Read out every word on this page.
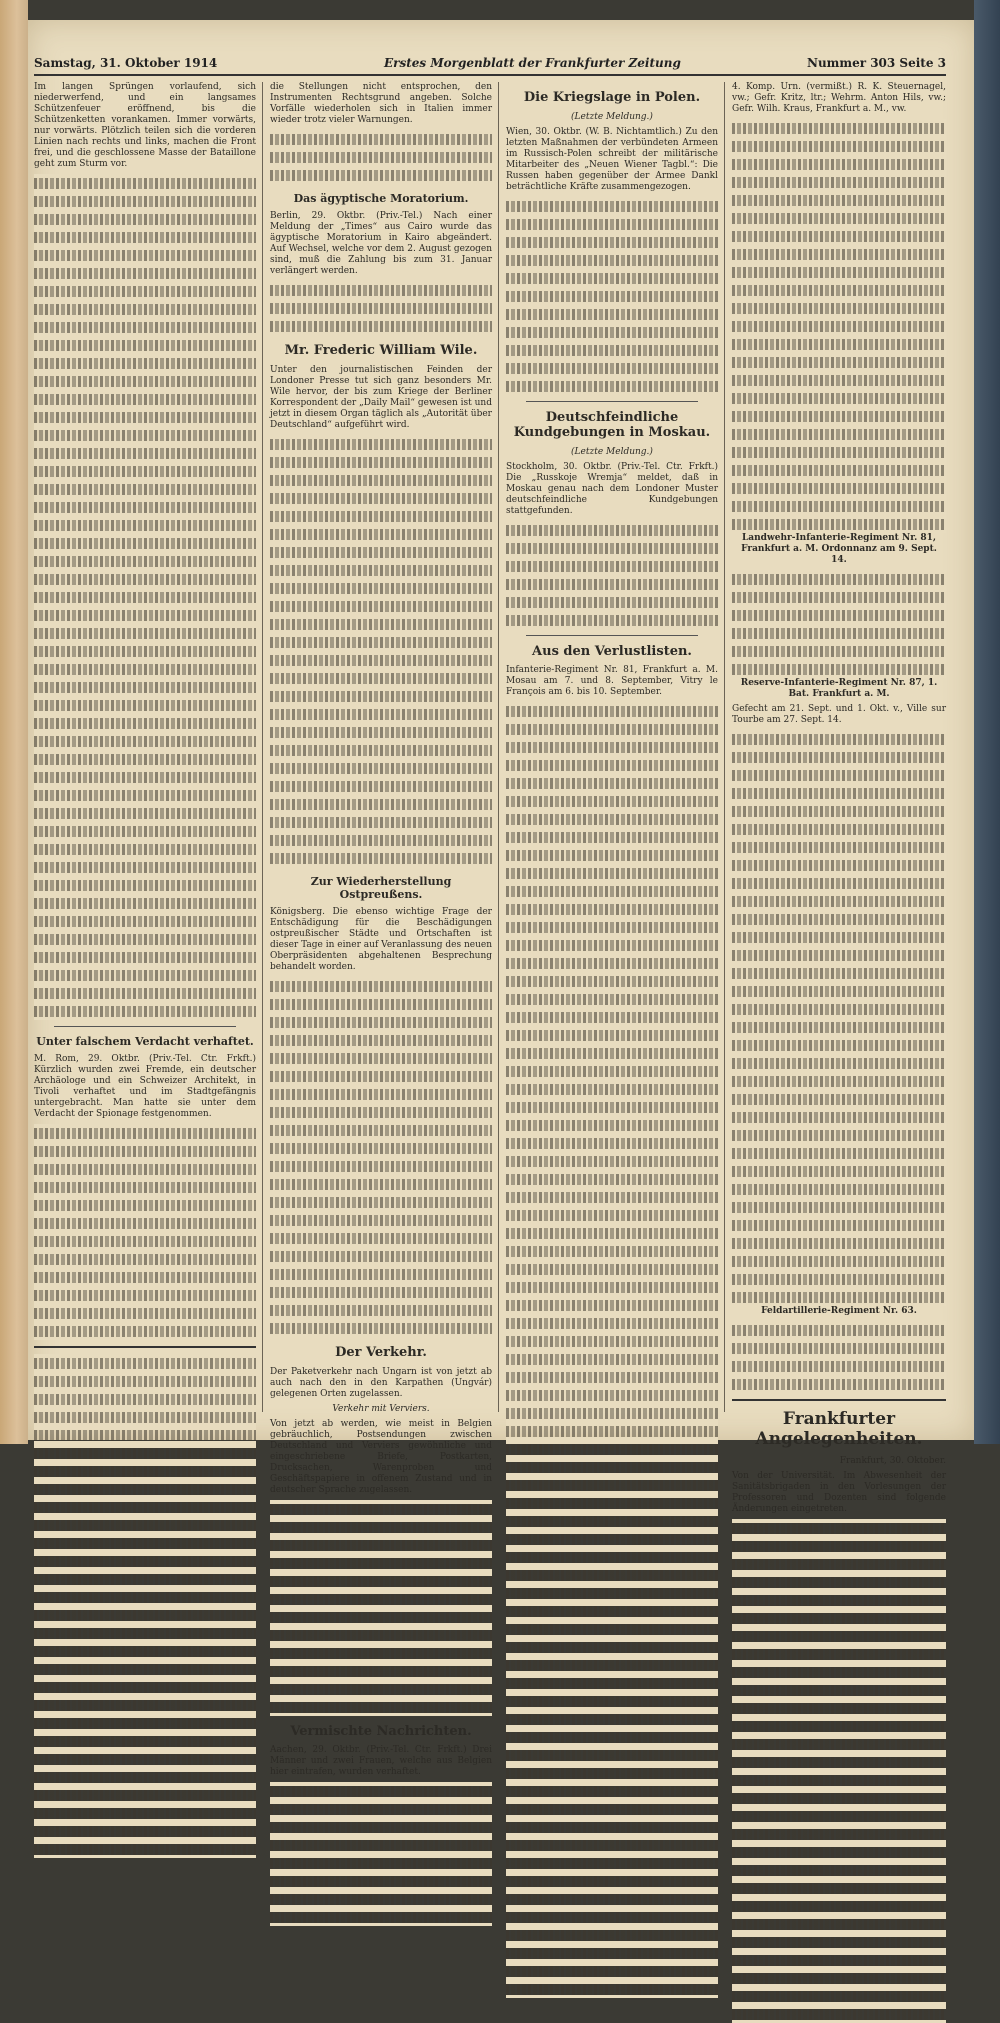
Samstag, 31. Oktober 1914	Erstes Morgenblatt der Frankfurter Zeitung	Nummer 303 Seite 3

Im langen Sprüngen vorlaufend, sich niederwerfend, und ein langsames Schützenfeuer eröffnend, bis die Schützenketten vorankamen. Immer vorwärts, nur vorwärts. Plötzlich teilen sich die vorderen Linien nach rechts und links, machen die Front frei, und die geschlossene Masse der Bataillone geht zum Sturm vor.

Unter falschem Verdacht verhaftet.

M. Rom, 29. Oktbr. (Priv.-Tel. Ctr. Frkft.) Kürzlich wurden zwei Fremde, ein deutscher Archäologe und ein Schweizer Architekt, in Tivoli verhaftet und im Stadtgefängnis untergebracht. Man hatte sie unter dem Verdacht der Spionage festgenommen.

die Stellungen nicht entsprochen, den Instrumenten Rechtsgrund angeben. Solche Vorfälle wiederholen sich in Italien immer wieder trotz vieler Warnungen.

Das ägyptische Moratorium.

Berlin, 29. Oktbr. (Priv.-Tel.) Nach einer Meldung der „Times“ aus Cairo wurde das ägyptische Moratorium in Kairo abgeändert. Auf Wechsel, welche vor dem 2. August gezogen sind, muß die Zahlung bis zum 31. Januar verlängert werden.

Mr. Frederic William Wile.

Unter den journalistischen Feinden der Londoner Presse tut sich ganz besonders Mr. Wile hervor, der bis zum Kriege der Berliner Korrespondent der „Daily Mail“ gewesen ist und jetzt in diesem Organ täglich als „Autorität über Deutschland“ aufgeführt wird.

Zur Wiederherstellung Ostpreußens.

Königsberg. Die ebenso wichtige Frage der Entschädigung für die Beschädigungen ostpreußischer Städte und Ortschaften ist dieser Tage in einer auf Veranlassung des neuen Oberpräsidenten abgehaltenen Besprechung behandelt worden.

Der Verkehr.

Der Paketverkehr nach Ungarn ist von jetzt ab auch nach den in den Karpathen (Ungvár) gelegenen Orten zugelassen.

Verkehr mit Verviers.

Von jetzt ab werden, wie meist in Belgien gebräuchlich, Postsendungen zwischen Deutschland und Verviers gewöhnliche und eingeschriebene Briefe, Postkarten, Drucksachen, Warenproben und Geschäftspapiere in offenem Zustand und in deutscher Sprache zugelassen.

Vermischte Nachrichten.

Aachen, 29. Oktbr. (Priv.-Tel. Ctr. Frkft.) Drei Männer und zwei Frauen, welche aus Belgien hier eintrafen, wurden verhaftet.

Die Kriegslage in Polen.
(Letzte Meldung.)

Wien, 30. Oktbr. (W. B. Nichtamtlich.) Zu den letzten Maßnahmen der verbündeten Armeen im Russisch-Polen schreibt der militärische Mitarbeiter des „Neuen Wiener Tagbl.“: Die Russen haben gegenüber der Armee Dankl beträchtliche Kräfte zusammengezogen.

Deutschfeindliche Kundgebungen in Moskau.
(Letzte Meldung.)

Stockholm, 30. Oktbr. (Priv.-Tel. Ctr. Frkft.) Die „Russkoje Wremja“ meldet, daß in Moskau genau nach dem Londoner Muster deutschfeindliche Kundgebungen stattgefunden.

Aus den Verlustlisten.

Infanterie-Regiment Nr. 81, Frankfurt a. M. Mosau am 7. und 8. September, Vitry le François am 6. bis 10. September.

4. Komp. Urn. (vermißt.) R. K. Steuernagel, vw.; Gefr. Kritz, ltr.; Wehrm. Anton Hils, vw.; Gefr. Wilh. Kraus, Frankfurt a. M., vw.

Landwehr-Infanterie-Regiment Nr. 81, Frankfurt a. M. Ordonnanz am 9. Sept. 14.

Reserve-Infanterie-Regiment Nr. 87, 1. Bat. Frankfurt a. M.

Gefecht am 21. Sept. und 1. Okt. v., Ville sur Tourbe am 27. Sept. 14.

Feldartillerie-Regiment Nr. 63.

Frankfurter Angelegenheiten.

Frankfurt, 30. Oktober.

Von der Universität. Im Abwesenheit der Sanitätsbrigaden in den Vorlesungen der Professoren und Dozenten sind folgende Änderungen eingetreten.
